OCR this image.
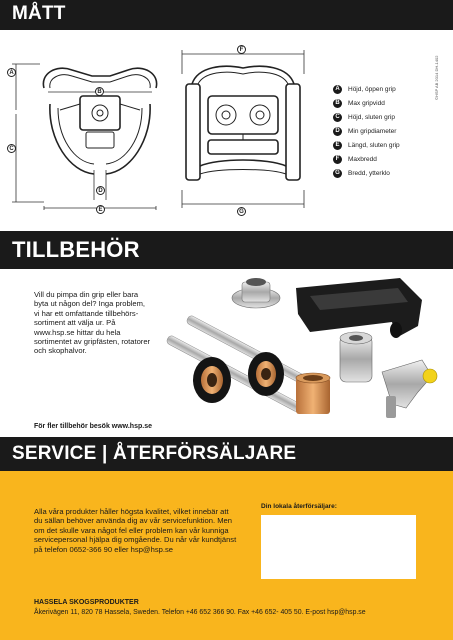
MÅTT
©HSP AB 2014 DH-1402
A
B
C
D
E
F
G
A	Höjd, öppen grip
B	Max gripvidd
C	Höjd, sluten grip
D	Min gripdiameter
E	Längd, sluten grip
F	Maxbredd
G	Bredd, ytterklo
TILLBEHÖR
Vill du pimpa din grip eller bara byta ut någon del? Inga problem, vi har ett omfattande tillbehörs-sortiment att välja ur. På www.hsp.se hittar du hela sortimentet av gripfästen, rotatorer och skophalvor.
För fler tillbehör besök www.hsp.se
SERVICE | ÅTERFÖRSÄLJARE
Alla våra produkter håller högsta kvalitet, vilket innebär att du sällan behöver använda dig av vår servicefunktion. Men om det skulle vara något fel eller problem kan vår kunniga servicepersonal hjälpa dig omgående. Du når vår kundtjänst på telefon 0652-366 90 eller hsp@hsp.se
Din lokala återförsäljare:
HASSELA SKOGSPRODUKTER
Åkerivägen 11, 820 78 Hassela, Sweden. Telefon +46 652 366 90. Fax +46 652- 405 50. E-post hsp@hsp.se
